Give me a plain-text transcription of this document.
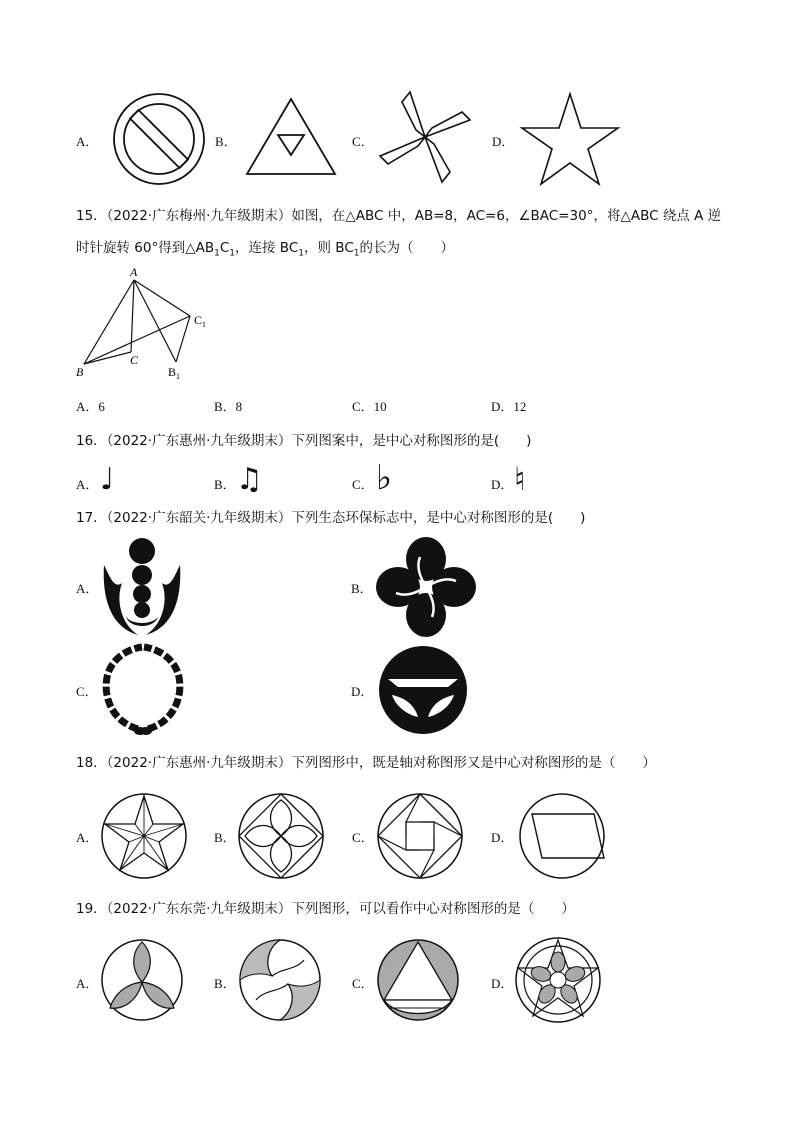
A．	B．	C．	D．
15．（2022·广东梅州·九年级期末）如图，在△ABC 中，AB=8，AC=6，∠BAC=30°，将△ABC 绕点 A 逆
时针旋转 60°得到$\triangle AB_1C_1$，连接 $BC_1$，则 $BC_1$的长为（　　）
A
B
C
C 1
B 1
A．6	B．8	C．10	D．12
16．（2022·广东惠州·九年级期末）下列图案中，是中心对称图形的是(　　)
A． ♩	B． ♫	C． ♭	D． ♮
17．（2022·广东韶关·九年级期末）下列生态环保标志中，是中心对称图形的是(　　)
A．	B．
C．	D．
18．（2022·广东惠州·九年级期末）下列图形中，既是轴对称图形又是中心对称图形的是（　　）
A．	B．	C．	D．
19．（2022·广东东莞·九年级期末）下列图形，可以看作中心对称图形的是（　　）
A．	B．	C．	D．
